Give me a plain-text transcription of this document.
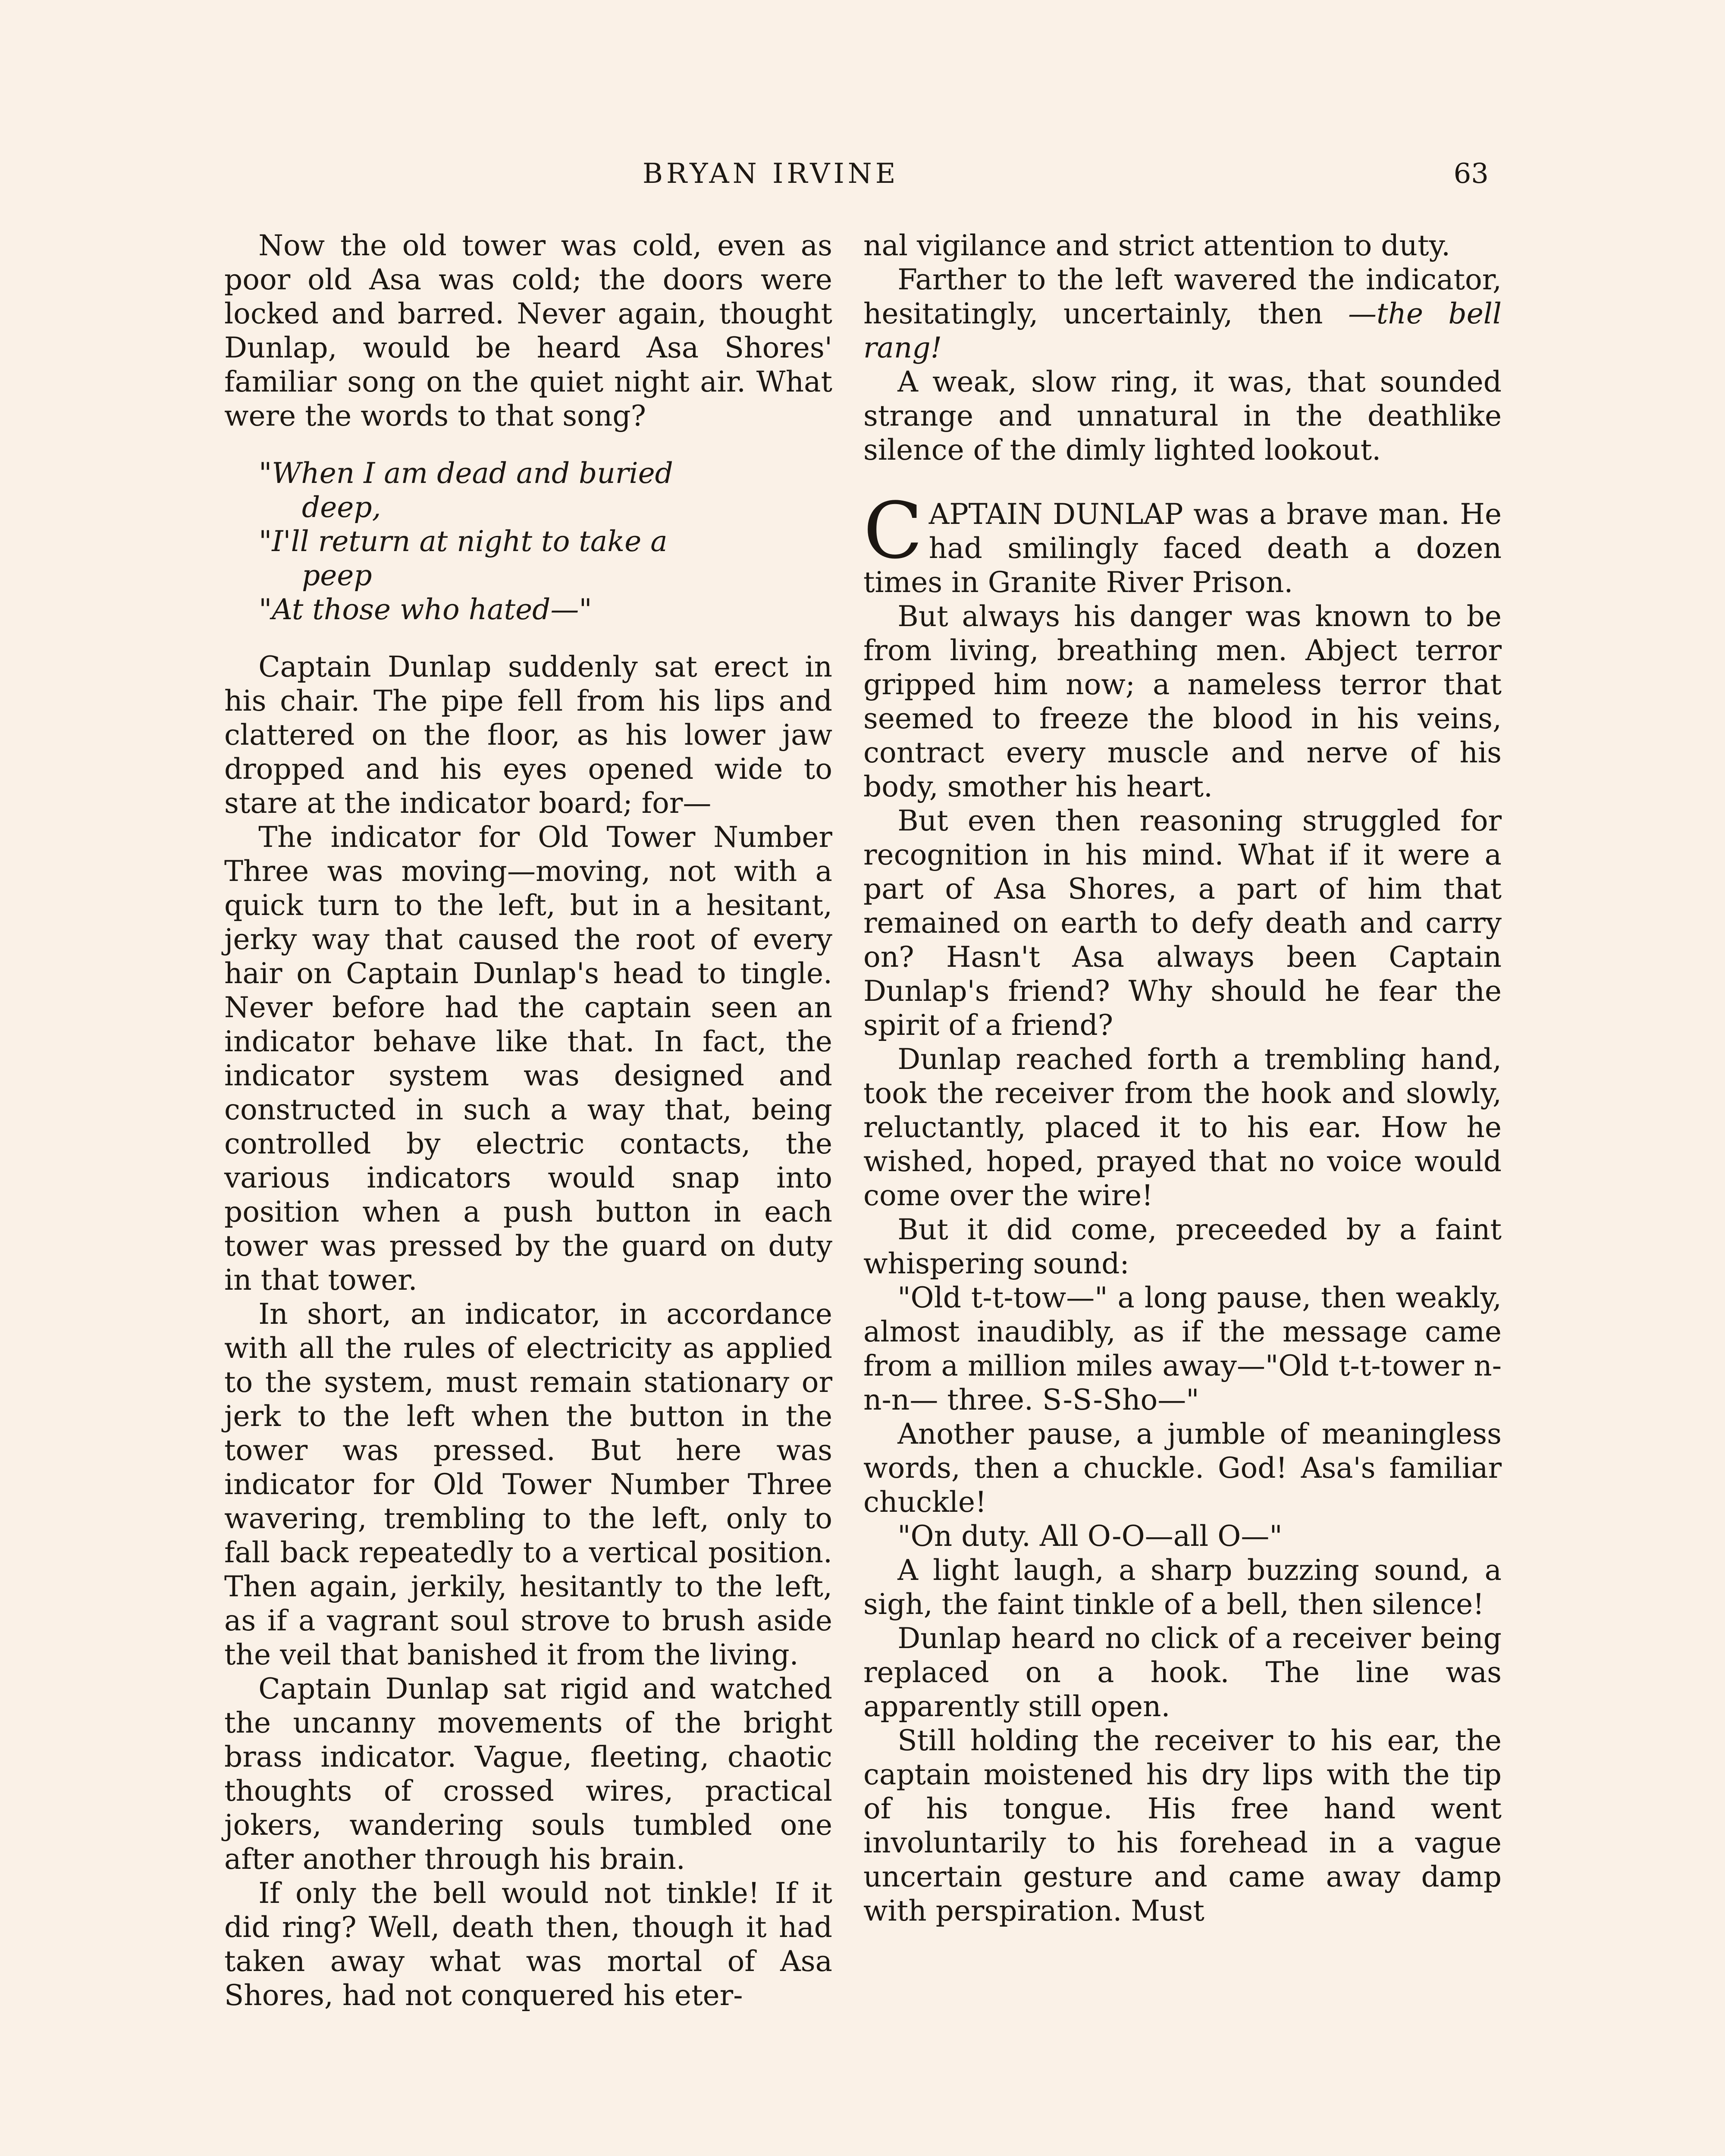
BRYAN IRVINE	63

Now the old tower was cold, even as poor old Asa was cold; the doors were locked and barred. Never again, thought Dunlap, would be heard Asa Shores' familiar song on the quiet night air. What were the words to that song?

"When I am dead and buried
deep,
"I'll return at night to take a
peep
"At those who hated—"

Captain Dunlap suddenly sat erect in his chair. The pipe fell from his lips and clattered on the floor, as his lower jaw dropped and his eyes opened wide to stare at the indicator board; for—

The indicator for Old Tower Number Three was moving—moving, not with a quick turn to the left, but in a hesitant, jerky way that caused the root of every hair on Captain Dunlap's head to tingle. Never before had the captain seen an indicator behave like that. In fact, the indicator system was designed and constructed in such a way that, being controlled by electric contacts, the various indicators would snap into position when a push button in each tower was pressed by the guard on duty in that tower.

In short, an indicator, in accordance with all the rules of electricity as applied to the system, must remain stationary or jerk to the left when the button in the tower was pressed. But here was indicator for Old Tower Number Three wavering, trembling to the left, only to fall back repeatedly to a vertical position. Then again, jerkily, hesitantly to the left, as if a vagrant soul strove to brush aside the veil that banished it from the living.

Captain Dunlap sat rigid and watched the uncanny movements of the bright brass indicator. Vague, fleeting, chaotic thoughts of crossed wires, practical jokers, wandering souls tumbled one after another through his brain.

If only the bell would not tinkle! If it did ring? Well, death then, though it had taken away what was mortal of Asa Shores, had not conquered his eter-

nal vigilance and strict attention to duty.

Farther to the left wavered the indicator, hesitatingly, uncertainly, then —the bell rang!

A weak, slow ring, it was, that sounded strange and unnatural in the deathlike silence of the dimly lighted lookout.

CAPTAIN DUNLAP was a brave man. He had smilingly faced death a dozen times in Granite River Prison.

But always his danger was known to be from living, breathing men. Abject terror gripped him now; a nameless terror that seemed to freeze the blood in his veins, contract every muscle and nerve of his body, smother his heart.

But even then reasoning struggled for recognition in his mind. What if it were a part of Asa Shores, a part of him that remained on earth to defy death and carry on? Hasn't Asa always been Captain Dunlap's friend? Why should he fear the spirit of a friend?

Dunlap reached forth a trembling hand, took the receiver from the hook and slowly, reluctantly, placed it to his ear. How he wished, hoped, prayed that no voice would come over the wire!

But it did come, preceeded by a faint whispering sound:

"Old t-t-tow—" a long pause, then weakly, almost inaudibly, as if the message came from a million miles away—"Old t-t-tower n-n-n— three. S-S-Sho—"

Another pause, a jumble of meaningless words, then a chuckle. God! Asa's familiar chuckle!

"On duty. All O-O—all O—"

A light laugh, a sharp buzzing sound, a sigh, the faint tinkle of a bell, then silence!

Dunlap heard no click of a receiver being replaced on a hook. The line was apparently still open.

Still holding the receiver to his ear, the captain moistened his dry lips with the tip of his tongue. His free hand went involuntarily to his forehead in a vague uncertain gesture and came away damp with perspiration. Must
